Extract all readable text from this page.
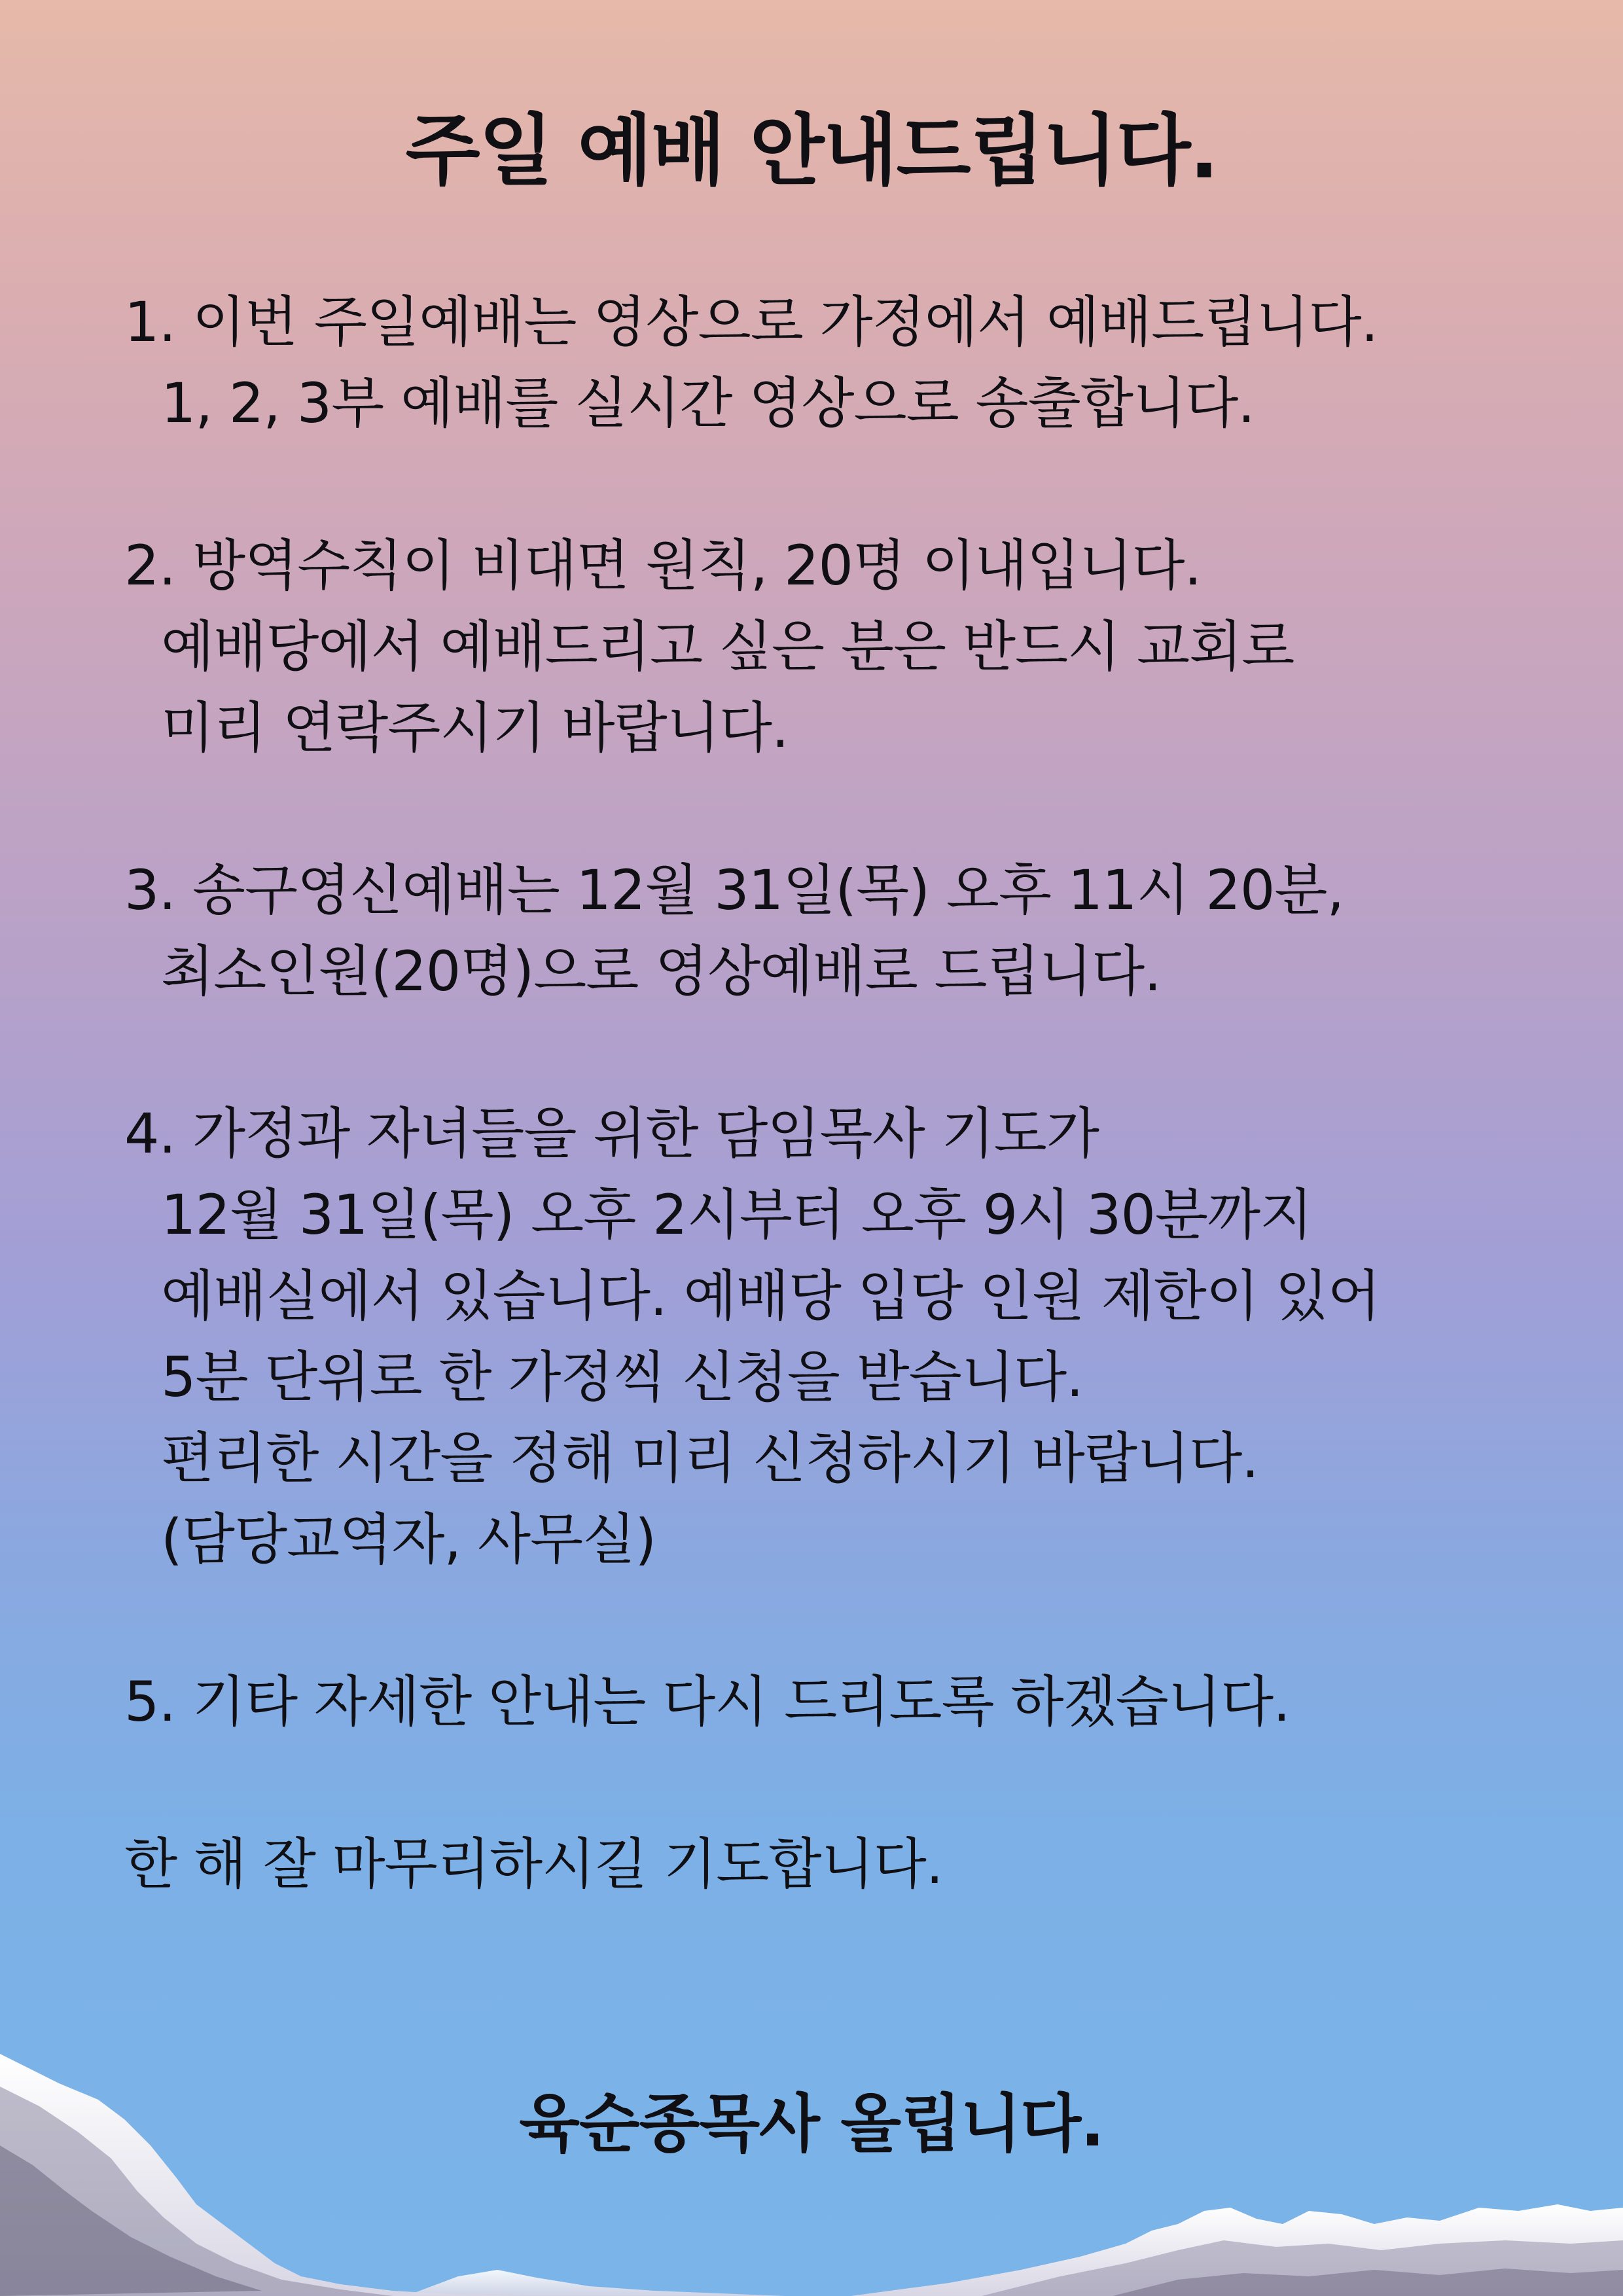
주일 예배 안내드립니다.
1. 이번 주일예배는 영상으로 가정에서 예배드립니다.
1, 2, 3부 예배를 실시간 영상으로 송출합니다.
2. 방역수칙이 비대면 원칙, 20명 이내입니다.
예배당에서 예배드리고 싶은 분은 반드시 교회로
미리 연락주시기 바랍니다.
3. 송구영신예배는 12월 31일(목) 오후 11시 20분,
최소인원(20명)으로 영상예배로 드립니다.
4. 가정과 자녀들을 위한 담임목사 기도가
12월 31일(목) 오후 2시부터 오후 9시 30분까지
예배실에서 있습니다. 예배당 입당 인원 제한이 있어
5분 단위로 한 가정씩 신청을 받습니다.
편리한 시간을 정해 미리 신청하시기 바랍니다.
(담당교역자, 사무실)
5. 기타 자세한 안내는 다시 드리도록 하겠습니다.
한 해 잘 마무리하시길 기도합니다.
육순종목사 올립니다.
